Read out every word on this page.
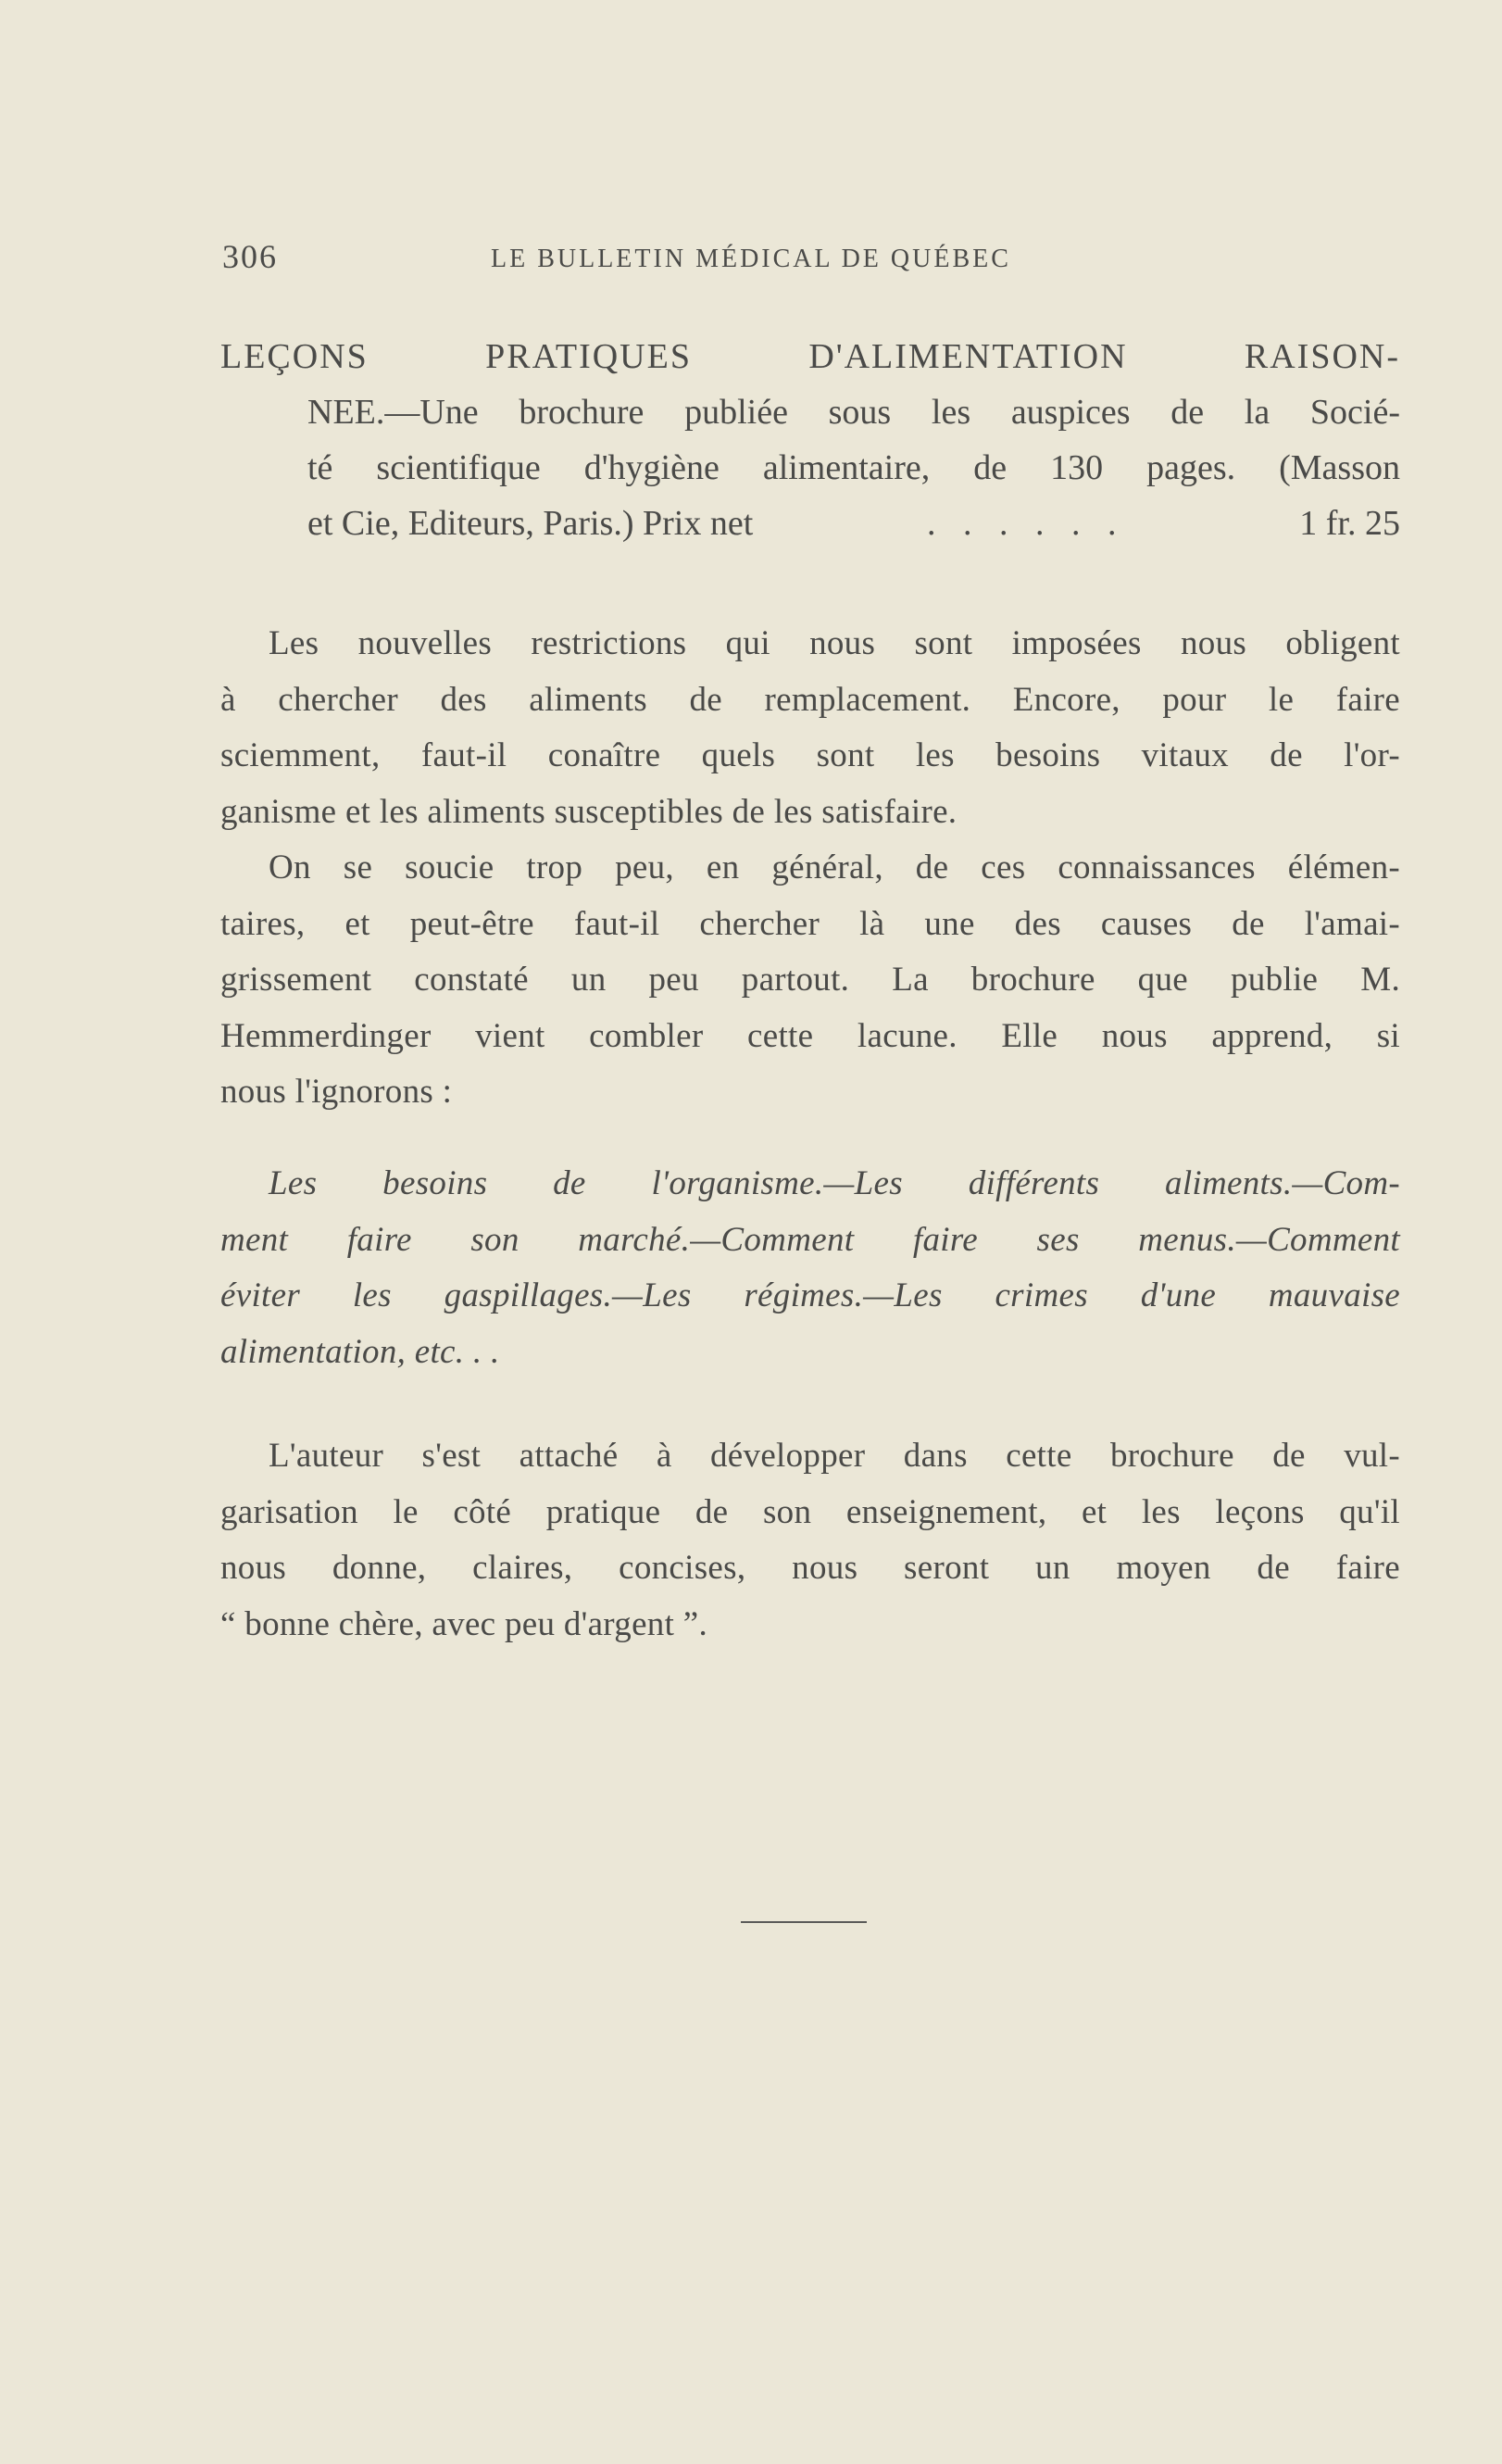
306	LE BULLETIN MÉDICAL DE QUÉBEC

LEÇONS PRATIQUES D'ALIMENTATION RAISON-

NEE.—Une brochure publiée sous les auspices de la Socié-
té scientifique d'hygiène alimentaire, de 130 pages. (Masson
et Cie, Editeurs, Paris.) Prix net	. . . . . .	1 fr. 25
Les nouvelles restrictions qui nous sont imposées nous obligent
à chercher des aliments de remplacement. Encore, pour le faire
sciemment, faut-il conaître quels sont les besoins vitaux de l'or-
ganisme et les aliments susceptibles de les satisfaire.
On se soucie trop peu, en général, de ces connaissances élémen-
taires, et peut-être faut-il chercher là une des causes de l'amai-
grissement constaté un peu partout. La brochure que publie M.
Hemmerdinger vient combler cette lacune. Elle nous apprend, si
nous l'ignorons :
Les besoins de l'organisme.—Les différents aliments.—Com-
ment faire son marché.—Comment faire ses menus.—Comment
éviter les gaspillages.—Les régimes.—Les crimes d'une mauvaise
alimentation, etc. . .
L'auteur s'est attaché à développer dans cette brochure de vul-
garisation le côté pratique de son enseignement, et les leçons qu'il
nous donne, claires, concises, nous seront un moyen de faire
“ bonne chère, avec peu d'argent ”.
